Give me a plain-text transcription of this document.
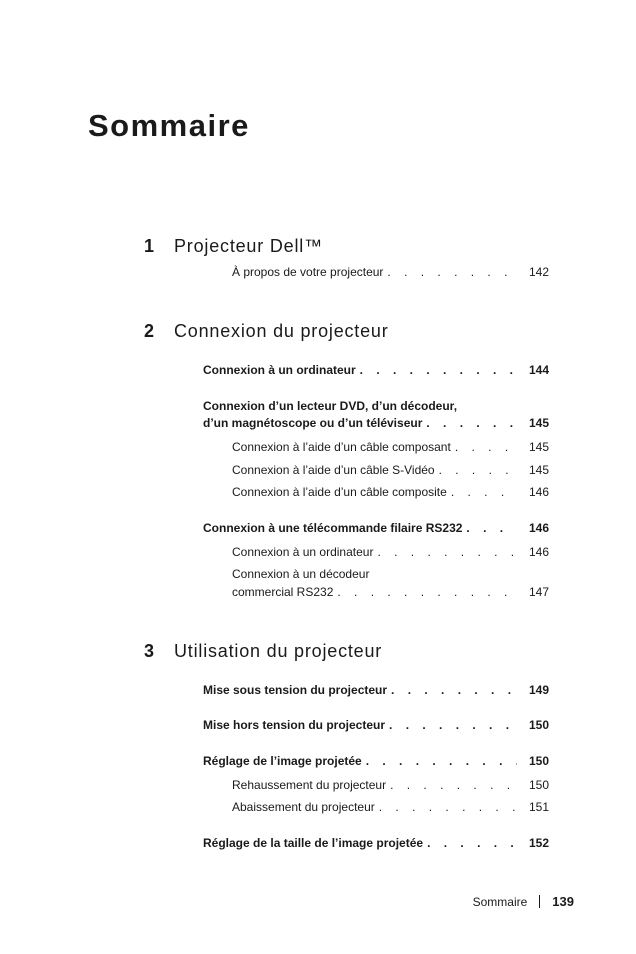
Sommaire
1	Projecteur Dell™
À propos de votre projecteur . . .	142
2	Connexion du projecteur
Connexion à un ordinateur . . .	144
Connexion d’un lecteur DVD, d’un décodeur,
d’un magnétoscope ou d’un téléviseur . . .	145
Connexion à l’aide d’un câble composant . . .	145
Connexion à l’aide d’un câble S-Vidéo . . .	145
Connexion à l’aide d’un câble composite . . .	146
Connexion à une télécommande filaire RS232 . . .	146
Connexion à un ordinateur . . .	146
Connexion à un décodeur
commercial RS232 . . .	147
3	Utilisation du projecteur
Mise sous tension du projecteur . . .	149
Mise hors tension du projecteur . . .	150
Réglage de l’image projetée . . .	150
Rehaussement du projecteur . . .	150
Abaissement du projecteur . . .	151
Réglage de la taille de l’image projetée . . .	152
Sommaire 139
